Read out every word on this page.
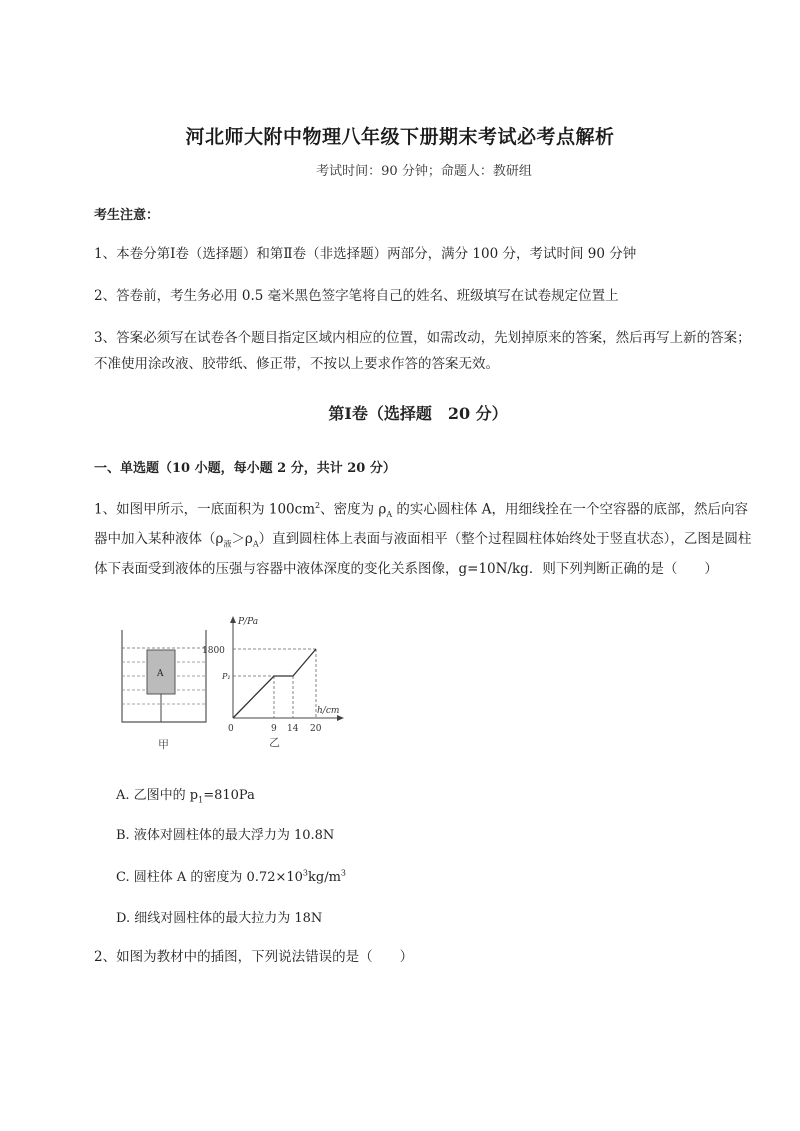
河北师大附中物理八年级下册期末考试必考点解析
考试时间：90 分钟；命题人：教研组
考生注意：
1、本卷分第Ⅰ卷（选择题）和第Ⅱ卷（非选择题）两部分，满分 100 分，考试时间 90 分钟
2、答卷前，考生务必用 0.5 毫米黑色签字笔将自己的姓名、班级填写在试卷规定位置上
3、答案必须写在试卷各个题目指定区域内相应的位置，如需改动，先划掉原来的答案，然后再写上新的答案；不准使用涂改液、胶带纸、修正带，不按以上要求作答的答案无效。
第Ⅰ卷（选择题　20 分）
一、单选题（10 小题，每小题 2 分，共计 20 分）
1、如图甲所示，一底面积为 $100cm^2$、密度为 $\rho_A$ 的实心圆柱体 A，用细线拴在一个空容器的底部，然后向容器中加入某种液体$(\rho_液>\rho_A)$直到圆柱体上表面与液面相平（整个过程圆柱体始终处于竖直状态），乙图是圆柱体下表面受到液体的压强与容器中液体深度的变化关系图像，g=10N/kg．则下列判断正确的是（　　）
A
甲
P/Pa
h/cm
1800
P₁
0	9 14 20
乙
A. 乙图中的 $p_1=810Pa$
B. 液体对圆柱体的最大浮力为 10.8N
C. 圆柱体 A 的密度为 $0.72\times 10^3kg/m^3$
D. 细线对圆柱体的最大拉力为 18N
2、如图为教材中的插图，下列说法错误的是（　　）
